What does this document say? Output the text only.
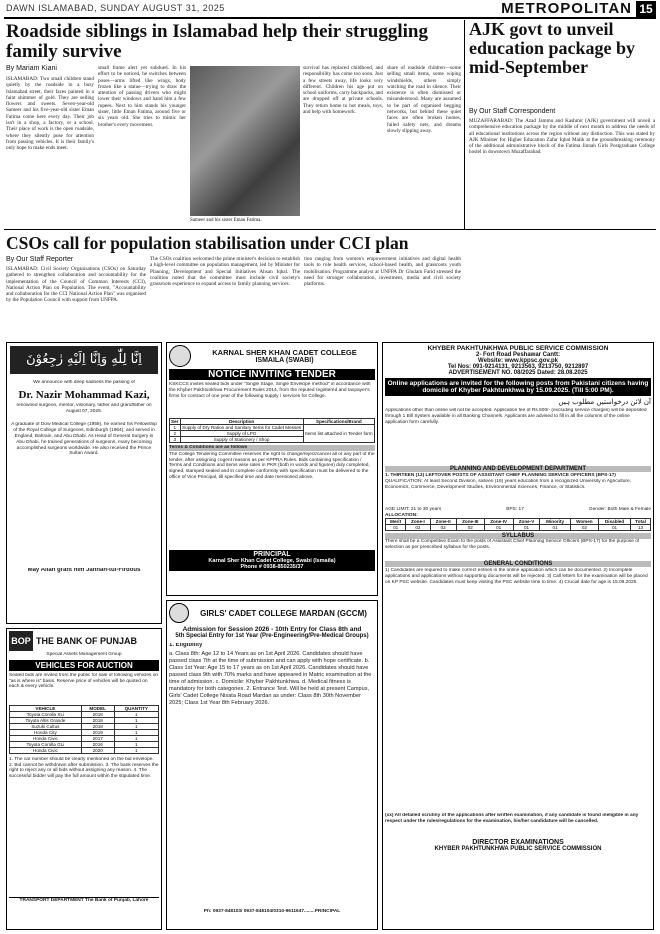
DAWN ISLAMABAD, SUNDAY AUGUST 31, 2025	METROPOLITAN 15
Roadside siblings in Islamabad help their struggling family survive
By Mariam Kiani
ISLAMABAD: Two small children stand quietly by the roadside in a busy Islamabad street, their faces painted in a faint shimmer of gold. They are selling flowers and sweets. Seven-year-old Sameer and his five-year-old sister Eman Fatima come here every day. Their job isn't in a shop, a factory, or a school. Their place of work is the open roadside, where they silently pose for attention from passing vehicles. It is their family's only hope to make ends meet.
small frame alert yet subdued. In his effort to be noticed, he switches between poses—arms lifted like wings, body frozen like a statue—trying to draw the attention of passing drivers who might lower their windows and hand him a few rupees. Next to him stands his younger sister, little Eman Fatima, around five or six years old. She tries to mimic her brother's every movement.
Sameer and his sister Eman Fatima.
survival has replaced childhood, and responsibility has come too soon. Just a few streets away, life looks very different. Children his age put on school uniforms, carry backpacks, and are dropped off at private schools. They return home to hot meals, toys, and help with homework.
share of roadside children—some selling small items, some wiping windshields, others simply watching the road in silence. Their existence is often dismissed or misunderstood. Many are assumed to be part of organised begging networks, but behind these quiet faces are often broken homes, failed safety nets, and dreams slowly slipping away.
AJK govt to unveil education package by mid-September
By Our Staff Correspondent
MUZAFFARABAD: The Azad Jammu and Kashmir (AJK) government will unveil a comprehensive education package by the middle of next month to address the needs of all educational institutions across the region without any distinction. This was stated by AJK Minister for Higher Education Zafar Iqbal Malik at the groundbreaking ceremony of the additional administrative block of the Fatima Jinnah Girls Postgraduate College hostel in downtown Muzaffarabad.
CSOs call for population stabilisation under CCI plan
By Our Staff Reporter
ISLAMABAD: Civil Society Organisations (CSOs) on Saturday gathered to strengthen collaboration and accountability for the implementation of the Council of Common Interests (CCI), National Action Plan on Population. The event, "Accountability and collaboration for the CCI National Action Plan" was organised by the Population Council with support from UNFPA.
The CSOs coalition welcomed the prime minister's decision to establish a high-level committee on population management, led by Minister for Planning, Development and Special Initiatives Ahsan Iqbal. The coalition noted that the committee must include civil society's grassroots experience to expand access to family planning services.
tion ranging from women's empowerment initiatives and digital health tools to role health services, school-based health, and grassroots youth mobilisation. Programme analyst at UNFPA Dr Ghulam Farid stressed the need for stronger collaboration, investment, media and civil society platforms.
اِنَّا لِلّٰهِ وَاِنَّا اِلَیْهِ رٰجِعُوْنَ
We announce with deep sadness the passing of
Dr. Nazir Mohammad Kazi,
renowned surgeon, mentor, visionary, father and grandfather on August 07, 2025.
A graduate of Dow Medical College (1958), he earned his Fellowship of the Royal College of Surgeons, Edinburgh (1964), and served in England, Bahrain, and Abu Dhabi. As Head of General Surgery in Abu Dhabi, he trained generations of surgeons, many becoming accomplished surgeons worldwide. He also received the Prince Sultan Award.
May Allah grant him Jannah-tul-Firdous
BOP THE BANK OF PUNJAB
Special Assets Management Group
VEHICLES FOR AUCTION
Sealed bids are invited from the public for sale of following vehicles on "as is where is" basis. Reserve price of vehicles will be quoted on each & every vehicle.
VEHICLE	MODEL	QUANTITY
Toyota Corolla XLi	2018	1
Toyota Altis Grande	2018	1
Suzuki Cultus	2018	1
Honda City	2019	1
Honda Civic	2017	1
Toyota Corolla GLi	2016	1
Honda Civic	2020	1
1. The car number should be clearly mentioned on the bid envelope. 2. Bid cannot be withdrawn after submission. 3. The bank reserves the right to reject any or all bids without assigning any reason. 4. The successful bidder will pay the full amount within the stipulated time.
TRANSPORT DEPARTMENT The Bank of Punjab, Lahore
KARNAL SHER KHAN CADET COLLEGE
ISMAILA (SWABI)
NOTICE INVITING TENDER
KSKCCS invites sealed bids under "Single Stage, Single Envelope method" in accordance with the Khyber Pakhtunkhwa Procurement Rules 2014, from the reputed registered and taxpayer's firms for contract of one year of the following supply / services for College.
Ser	Description	Specifications/Brand
1	Supply of Dry Ration and Sanitary Items for Cadet Messes	Items list attached in Tender form
2	Supply of LPG	
3	Supply of Stationery / Shop	
Terms & Conditions are as follows
The College Tendering Committee reserves the right to change/reject/cancel all or any part of the tender, after assigning cogent reasons as per KPPRA Rules. Bids containing specification / Terms and Conditions and items wise rates in PKR (both in words and figures) duly completed, signed, stamped sealed and in complete conformity with specification must be delivered to the office of Vice Principal, till specified time and date mentioned above.
PRINCIPAL
Karnal Sher Khan Cadet College, Swabi (Ismaila)
Phone # 0938-850235/37
GIRLS' CADET COLLEGE MARDAN (GCCM)
Admission for Session 2026 - 10th Entry for Class 8th and
5th Special Entry for 1st Year (Pre-Engineering/Pre-Medical Groups)
1. Eligibility
a. Class 8th: Age 12 to 14 Years as on 1st April 2026. Candidates should have passed class 7th at the time of submission and can apply with hope certificate. b. Class 1st Year: Age 15 to 17 years as on 1st April 2026. Candidates should have passed class 9th with 70% marks and have appeared in Matric examination at the time of admission. c. Domicile: Khyber Pakhtunkhwa. d. Medical fitness is mandatory for both categories. 2. Entrance Test. Will be held at present Campus, Girls' Cadet College Nisata Road Mardan as under: Class 8th 30th November 2025; Class 1st Year 8th February 2026.
Ph: 0937-848103/ 0937-848104/0310-9611647........PRINCIPAL
KHYBER PAKHTUNKHWA PUBLIC SERVICE COMMISSION
2- Fort Road Peshawar Cantt:
Website: www.kppsc.gov.pk
Tel Nos: 091-9214131, 9213563, 9213750, 9212897
ADVERTISEMENT NO. 08/2025 Dated: 28.08.2025
Online applications are invited for the following posts from Pakistani citizens having domicile of Khyber Pakhtunkhwa by 15.09.2025. (Till 5:00 PM).
آن لائن درخواستیں مطلوب ہیں
Applications other than online will not be accepted. Application fee of Rs.500/- (excluding service charges) will be deposited through 1 Bill System available in all Banking Channels. Applicants are advised to fill in all the columns of the online application form carefully.
PLANNING AND DEVELOPMENT DEPARTMENT
1. THIRTEEN (13) LEFTOVER POSTS OF ASSISTANT CHIEF PLANNING SERVICE OFFICERS (BPS-17)
QUALIFICATION: At least Second Division, sixteen (16) years education from a recognized University in Agriculture, Economics, Commerce, Development Studies, Environmental Sciences, Finance, or Statistics.
AGE LIMIT: 21 to 30 years	BPS: 17	Gender: Both Male & Female
ALLOCATION:
Merit	Zone-I	Zone-II	Zone-III	Zone-IV	Zone-V	Minority	Women	Disabled	Total
01	02	02	02	01	01	01	02	01	13
SYLLABUS
There shall be a Competitive Exam to the posts of Assistant Chief Planning Service Officers (BPS-17) for the purpose of selection as per prescribed syllabus for the posts.
GENERAL CONDITIONS
1) Candidates are required to make correct entries in the online application which can be documented. 2) Incomplete applications and applications without supporting documents will be rejected. 3) Call letters for the examination will be placed on KP PSC website. Candidates must keep visiting the PSC website time to time. 4) Crucial date for age is 15.09.2025.
(xx) All detailed scrutiny of the applications after written examination, if any candidate is found ineligible in any respect under the rules/regulations for the examination, his/her candidature will be cancelled.
DIRECTOR EXAMINATIONS
KHYBER PAKHTUNKHWA PUBLIC SERVICE COMMISSION
